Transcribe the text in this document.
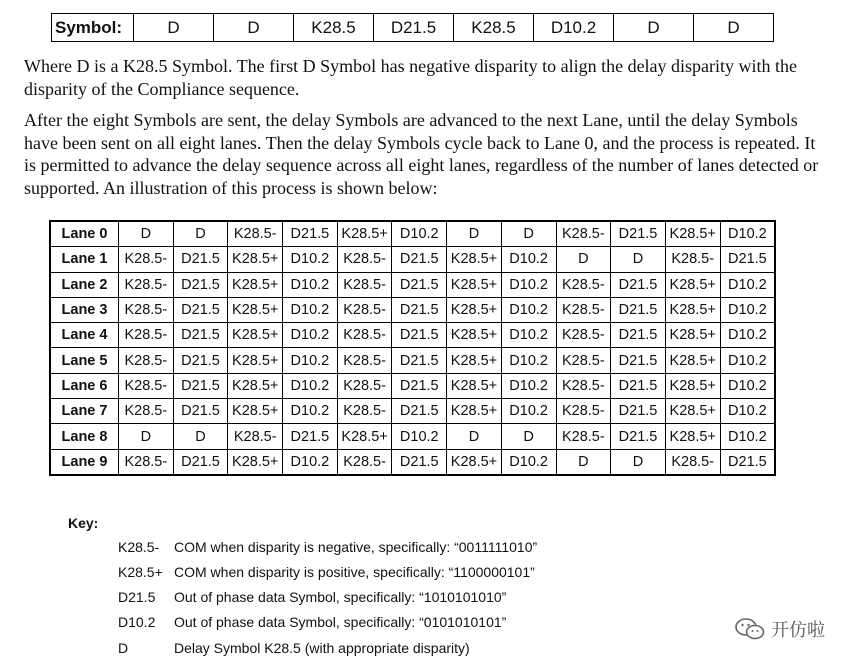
Symbol:	D	D	K28.5	D21.5	K28.5	D10.2	D	D

Where D is a K28.5 Symbol. The first D Symbol has negative disparity to align the delay disparity with the disparity of the Compliance sequence.

After the eight Symbols are sent, the delay Symbols are advanced to the next Lane, until the delay Symbols have been sent on all eight lanes. Then the delay Symbols cycle back to Lane 0, and the process is repeated. It is permitted to advance the delay sequence across all eight lanes, regardless of the number of lanes detected or supported. An illustration of this process is shown below:

Lane 0	D	D	K28.5-	D21.5	K28.5+	D10.2	D	D	K28.5-	D21.5	K28.5+	D10.2
Lane 1	K28.5-	D21.5	K28.5+	D10.2	K28.5-	D21.5	K28.5+	D10.2	D	D	K28.5-	D21.5
Lane 2	K28.5-	D21.5	K28.5+	D10.2	K28.5-	D21.5	K28.5+	D10.2	K28.5-	D21.5	K28.5+	D10.2
Lane 3	K28.5-	D21.5	K28.5+	D10.2	K28.5-	D21.5	K28.5+	D10.2	K28.5-	D21.5	K28.5+	D10.2
Lane 4	K28.5-	D21.5	K28.5+	D10.2	K28.5-	D21.5	K28.5+	D10.2	K28.5-	D21.5	K28.5+	D10.2
Lane 5	K28.5-	D21.5	K28.5+	D10.2	K28.5-	D21.5	K28.5+	D10.2	K28.5-	D21.5	K28.5+	D10.2
Lane 6	K28.5-	D21.5	K28.5+	D10.2	K28.5-	D21.5	K28.5+	D10.2	K28.5-	D21.5	K28.5+	D10.2
Lane 7	K28.5-	D21.5	K28.5+	D10.2	K28.5-	D21.5	K28.5+	D10.2	K28.5-	D21.5	K28.5+	D10.2
Lane 8	D	D	K28.5-	D21.5	K28.5+	D10.2	D	D	K28.5-	D21.5	K28.5+	D10.2
Lane 9	K28.5-	D21.5	K28.5+	D10.2	K28.5-	D21.5	K28.5+	D10.2	D	D	K28.5-	D21.5
Key:
K28.5- COM when disparity is negative, specifically: “0011111010”
K28.5+ COM when disparity is positive, specifically: “1100000101”
D21.5 Out of phase data Symbol, specifically: “1010101010”
D10.2 Out of phase data Symbol, specifically: “0101010101”
D	Delay Symbol K28.5 (with appropriate disparity)
开仿啦
